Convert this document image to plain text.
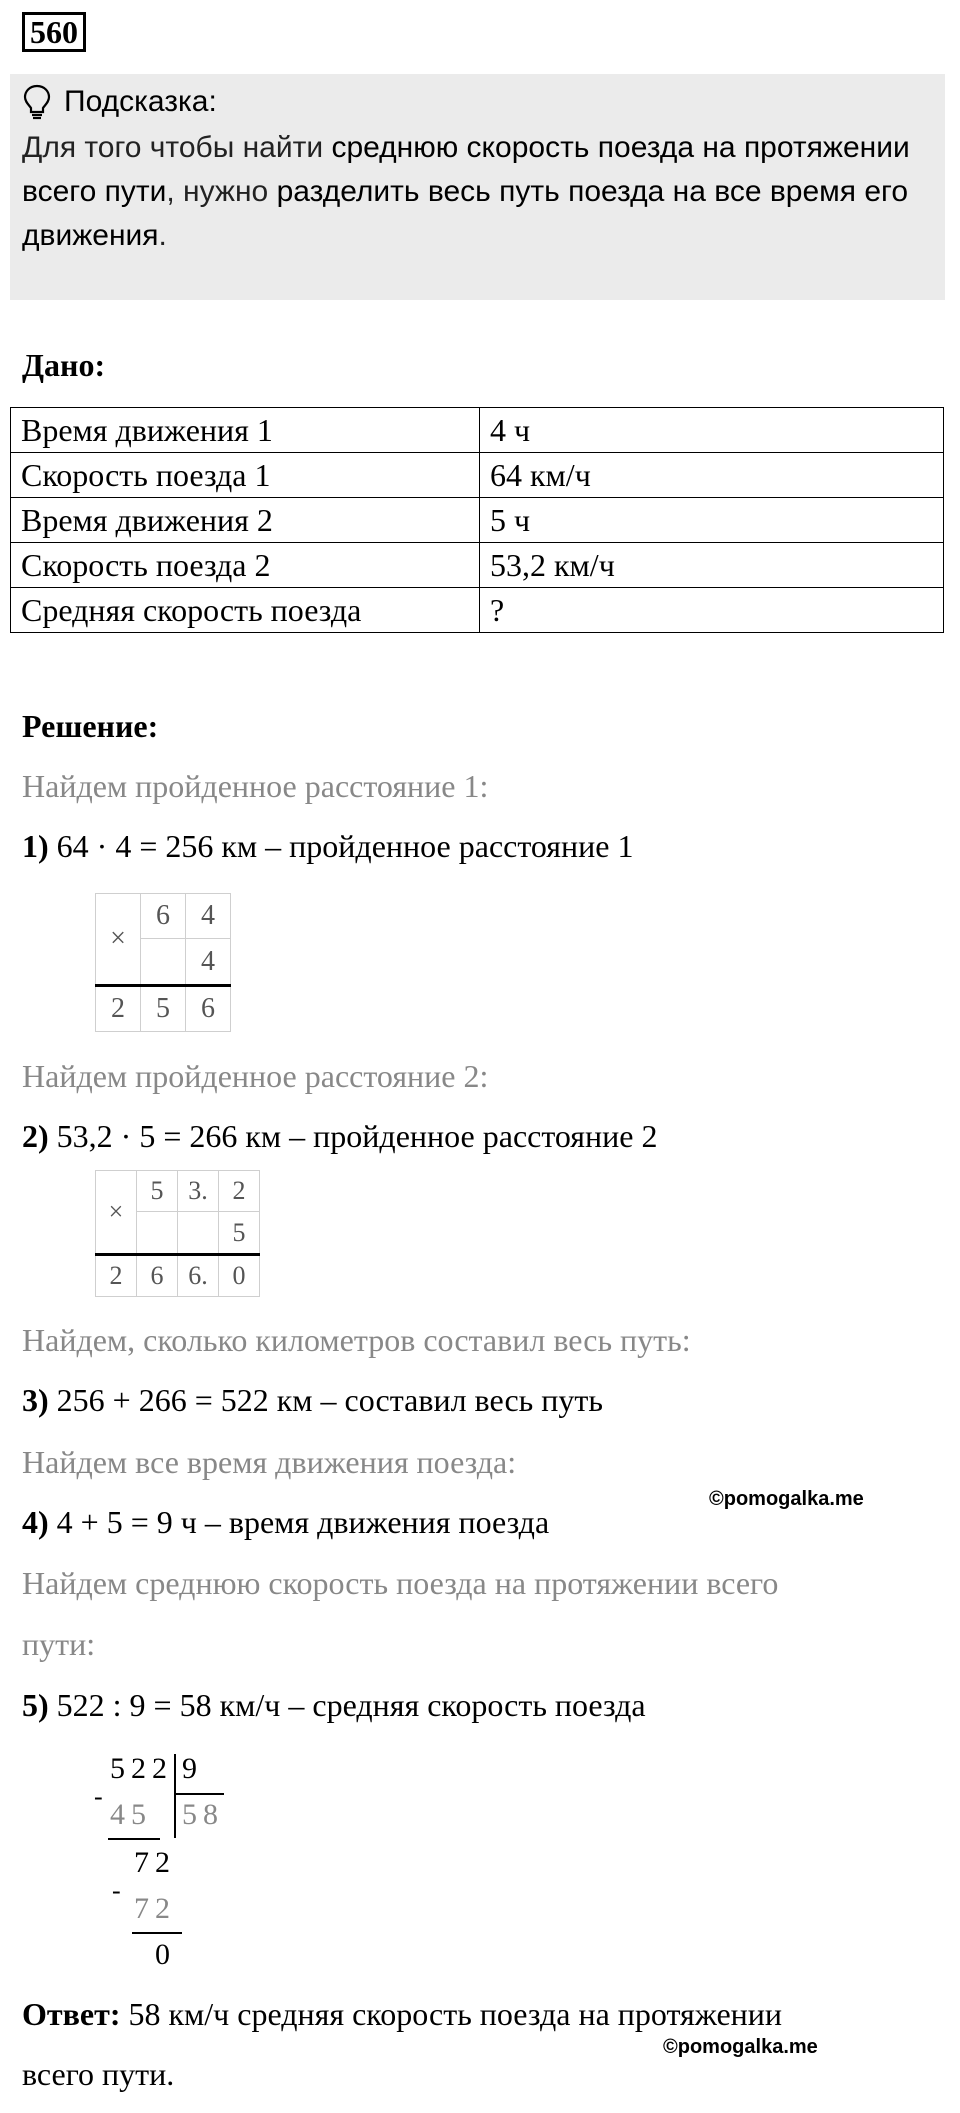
560
Подсказка:
Для того чтобы найти среднюю скорость поезда на протяжении всего пути, нужно разделить весь путь поезда на все время его движения.
Дано:
Время движения 1	4 ч
Скорость поезда 1	64 км/ч
Время движения 2	5 ч
Скорость поезда 2	53,2 км/ч
Средняя скорость поезда	?
Решение:
Найдем пройденное расстояние 1:
1) 64 · 4 = 256 км – пройденное расстояние 1
×	6	4
		4
2	5	6
Найдем пройденное расстояние 2:
2) 53,2 · 5 = 266 км – пройденное расстояние 2
×	5	3.	2
			5
2	6	6.	0
Найдем, сколько километров составил весь путь:
3) 256 + 266 = 522 км – составил весь путь
Найдем все время движения поезда:
4) 4 + 5 = 9 ч – время движения поезда
©pomogalka.me
Найдем среднюю скорость поезда на протяжении всего
пути:
5) 522 : 9 = 58 км/ч – средняя скорость поезда
522 9
58
-
45
72
-
72
0
Ответ: 58 км/ч средняя скорость поезда на протяжении
всего пути.
©pomogalka.me
